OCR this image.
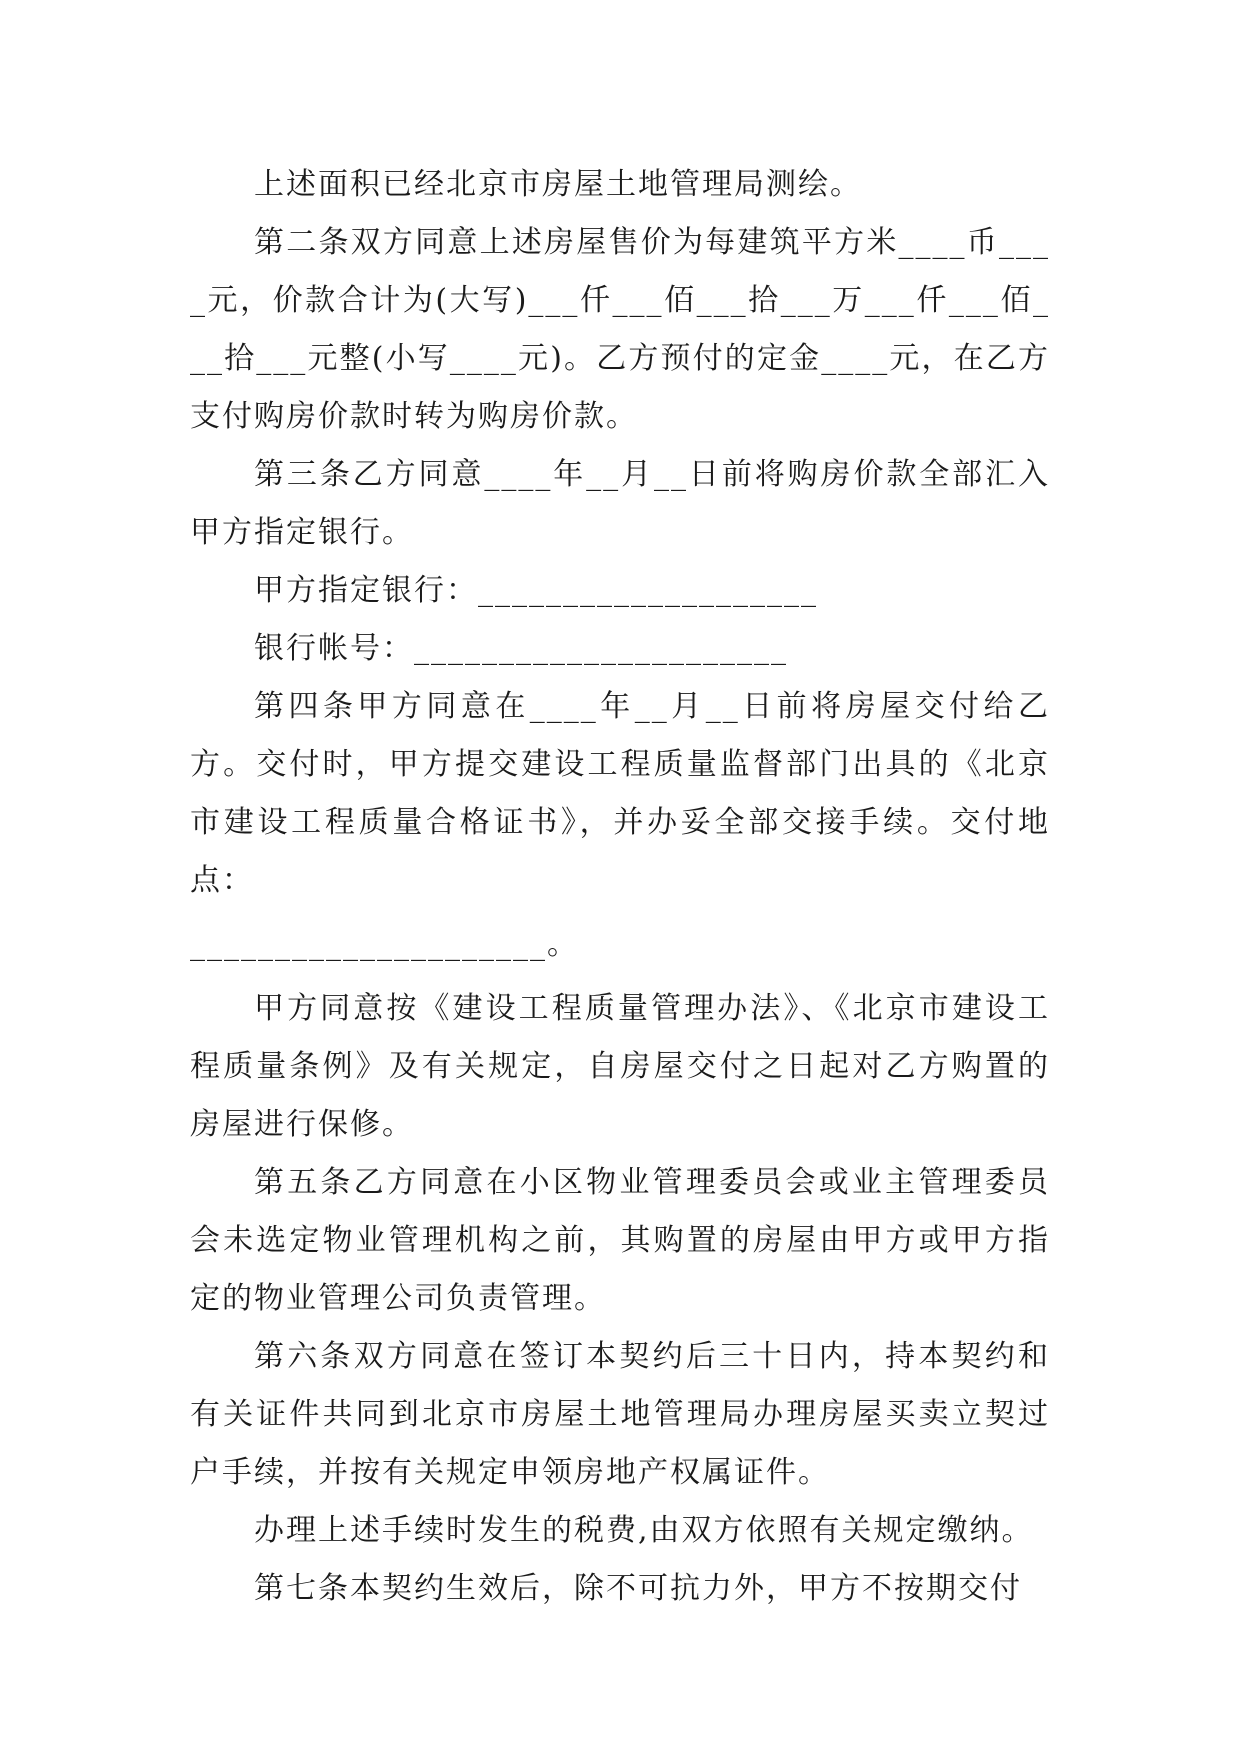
上述面积已经北京市房屋土地管理局测绘。

第二条双方同意上述房屋售价为每建筑平方米____币____元，价款合计为(大写)___仟___佰___拾___万___仟___佰___拾___元整(小写____元)。乙方预付的定金____元，在乙方支付购房价款时转为购房价款。

第三条乙方同意____年__月__日前将购房价款全部汇入甲方指定银行。

甲方指定银行：____________________

银行帐号：______________________

第四条甲方同意在____年__月__日前将房屋交付给乙方。交付时，甲方提交建设工程质量监督部门出具的《北京市建设工程质量合格证书》，并办妥全部交接手续。交付地点：

_____________________。

甲方同意按《建设工程质量管理办法》、《北京市建设工程质量条例》及有关规定，自房屋交付之日起对乙方购置的房屋进行保修。

第五条乙方同意在小区物业管理委员会或业主管理委员会未选定物业管理机构之前，其购置的房屋由甲方或甲方指定的物业管理公司负责管理。

第六条双方同意在签订本契约后三十日内，持本契约和有关证件共同到北京市房屋土地管理局办理房屋买卖立契过户手续，并按有关规定申领房地产权属证件。

办理上述手续时发生的税费,由双方依照有关规定缴纳。

第七条本契约生效后，除不可抗力外，甲方不按期交付
